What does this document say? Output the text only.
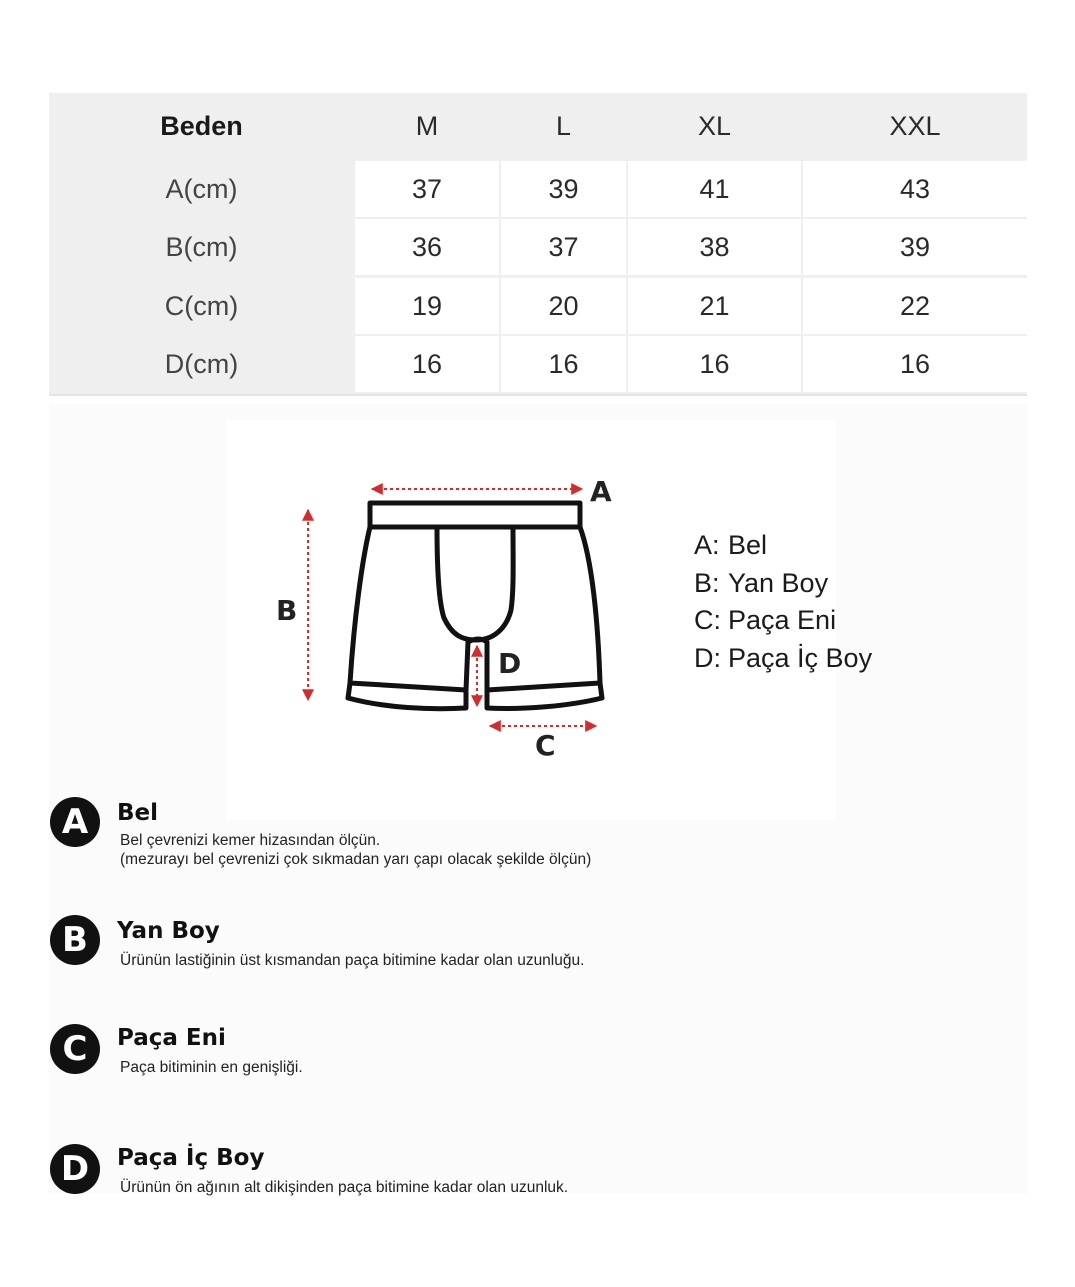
Beden	M	L	XL	XXL
A(cm)	37	39	41	43
B(cm)	36	37	38	39
C(cm)	19	20	21	22
D(cm)	16	16	16	16
A
B
C
D
A: Bel
B: Yan Boy
C: Paça Eni
D: Paça İç Boy
A	Bel
Bel çevrenizi kemer hizasından ölçün.
(mezurayı bel çevrenizi çok sıkmadan yarı çapı olacak şekilde ölçün)
B	Yan Boy
Ürünün lastiğinin üst kısmandan paça bitimine kadar olan uzunluğu.
C	Paça Eni
Paça bitiminin en genişliği.
D	Paça İç Boy
Ürünün ön ağının alt dikişinden paça bitimine kadar olan uzunluk.
